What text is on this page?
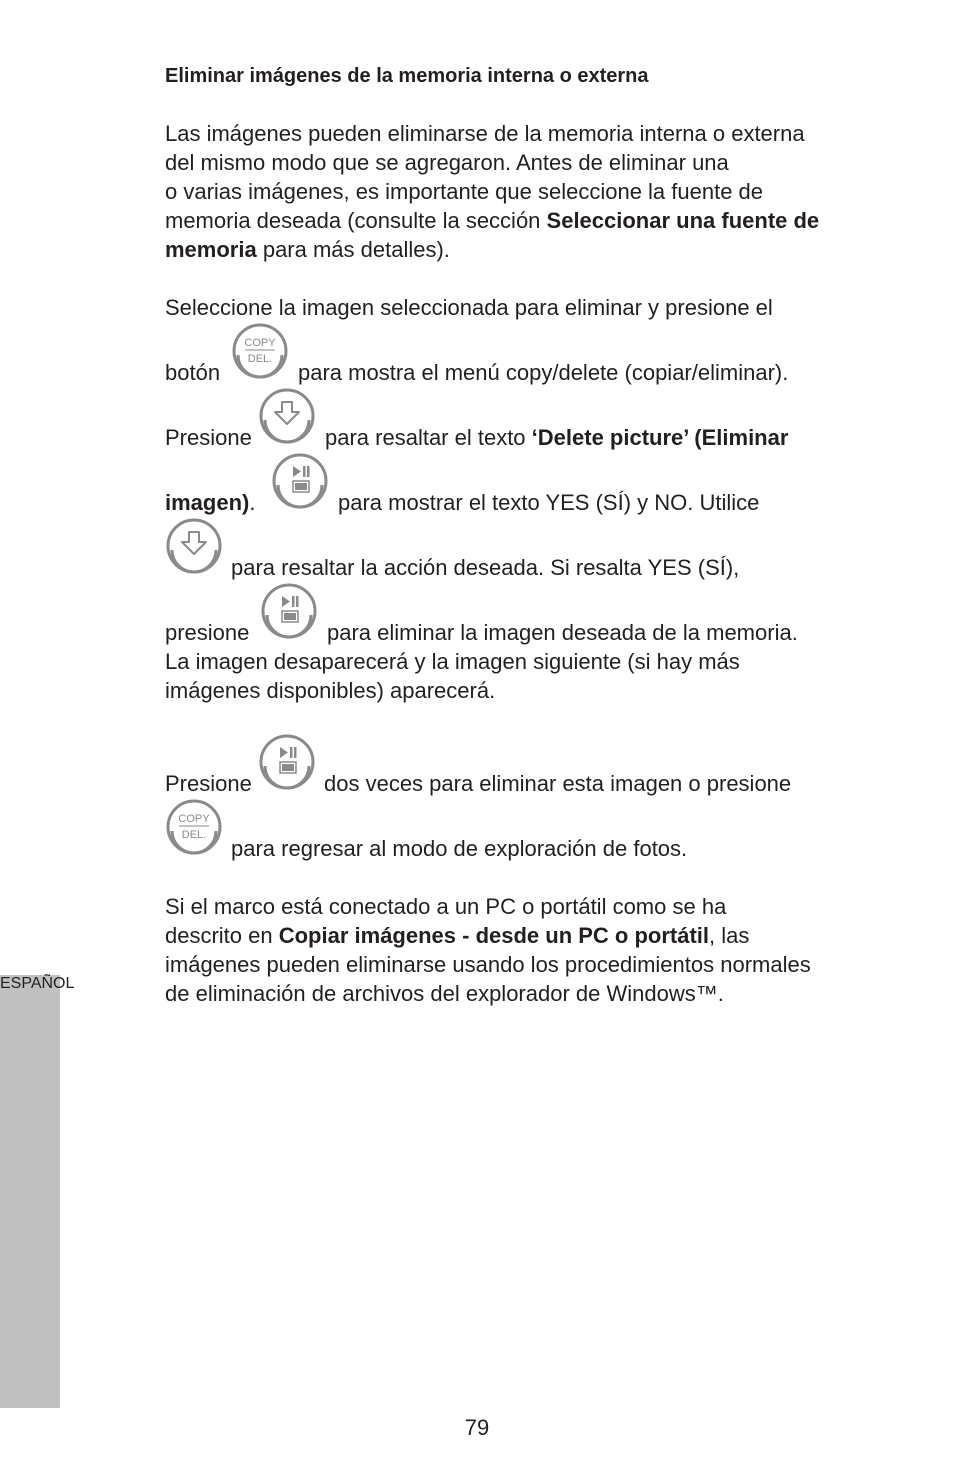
Eliminar imágenes de la memoria interna o externa
Las imágenes pueden eliminarse de la memoria interna o externa
del mismo modo que se agregaron. Antes de eliminar una
o varias imágenes, es importante que seleccione la fuente de
memoria deseada (consulte la sección Seleccionar una fuente de
memoria para más detalles).
Seleccione la imagen seleccionada para eliminar y presione el
botón
COPY
DEL.
para mostra el menú copy/delete (copiar/eliminar).
Presione	para resaltar el texto ‘Delete picture’ (Eliminar
imagen).	para mostrar el texto YES (SÍ) y NO. Utilice
para resaltar la acción deseada. Si resalta YES (SÍ),
presione	para eliminar la imagen deseada de la memoria.
La imagen desaparecerá y la imagen siguiente (si hay más
imágenes disponibles) aparecerá.
Presione	dos veces para eliminar esta imagen o presione
COPY
DEL.
para regresar al modo de exploración de fotos.
Si el marco está conectado a un PC o portátil como se ha
descrito en Copiar imágenes - desde un PC o portátil, las
imágenes pueden eliminarse usando los procedimientos normales
de eliminación de archivos del explorador de Windows™.
ESPAÑOL
79
